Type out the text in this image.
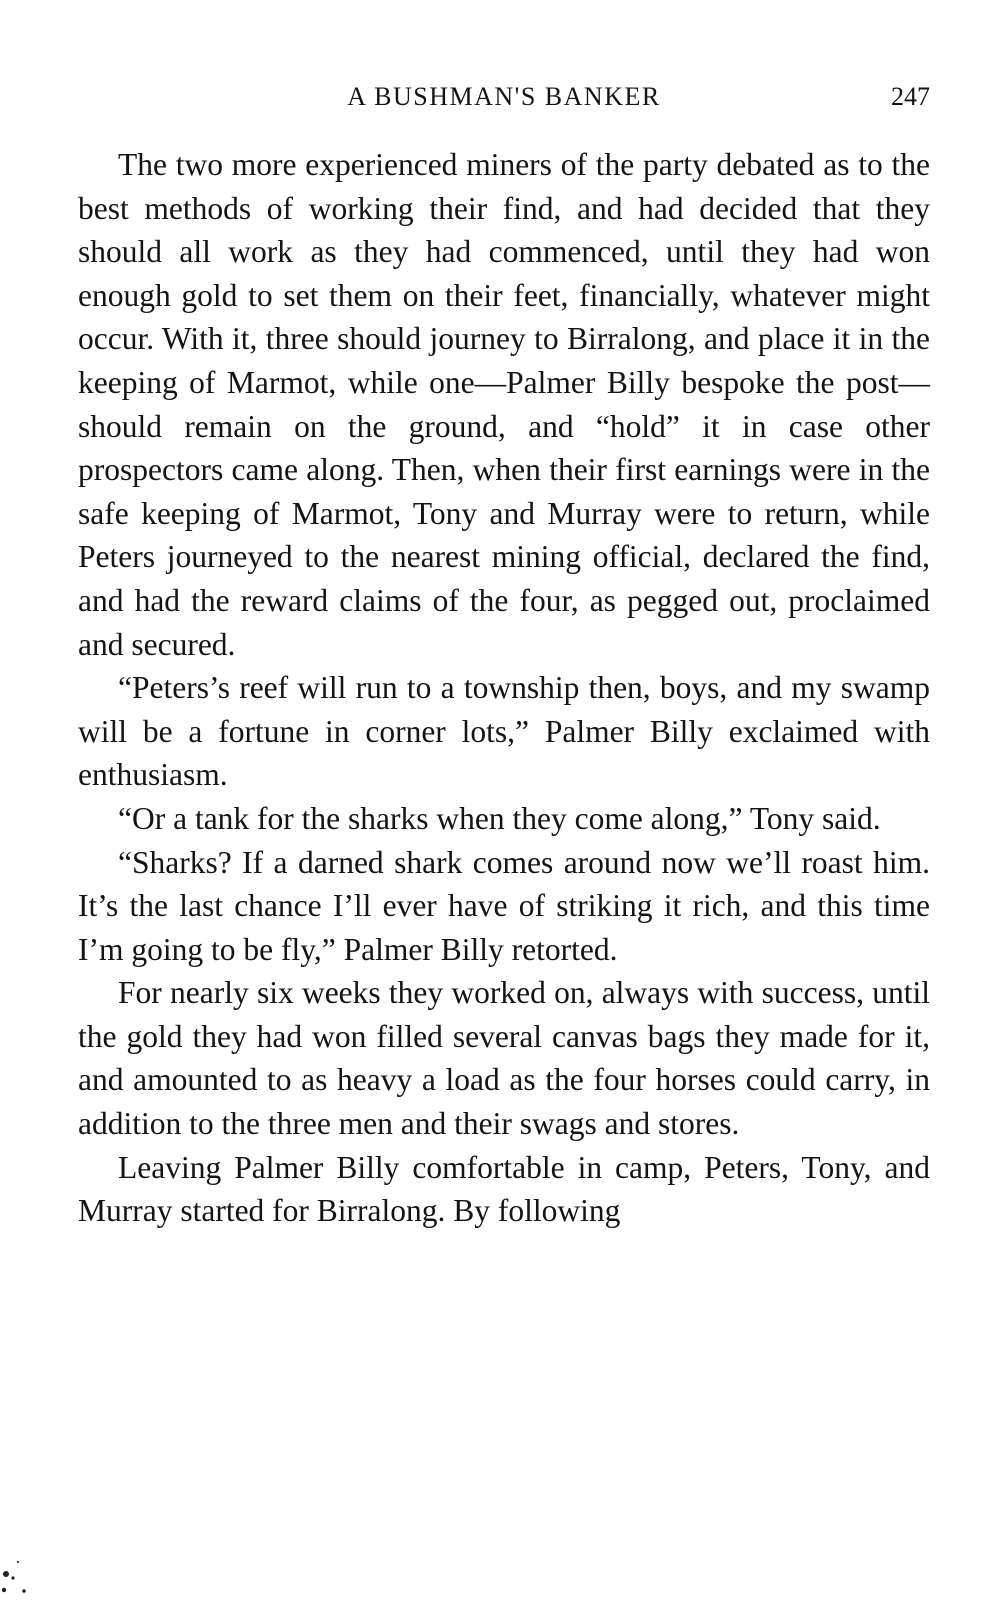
A BUSHMAN'S BANKER	247

The two more experienced miners of the party debated as to the best methods of working their find, and had decided that they should all work as they had commenced, until they had won enough gold to set them on their feet, financially, whatever might occur. With it, three should journey to Birralong, and place it in the keeping of Marmot, while one—Palmer Billy bespoke the post—should remain on the ground, and “hold” it in case other prospectors came along. Then, when their first earnings were in the safe keeping of Marmot, Tony and Murray were to return, while Peters journeyed to the nearest mining official, declared the find, and had the reward claims of the four, as pegged out, proclaimed and secured.

“Peters’s reef will run to a township then, boys, and my swamp will be a fortune in corner lots,” Palmer Billy exclaimed with enthusiasm.

“Or a tank for the sharks when they come along,” Tony said.

“Sharks? If a darned shark comes around now we’ll roast him. It’s the last chance I’ll ever have of striking it rich, and this time I’m going to be fly,” Palmer Billy retorted.

For nearly six weeks they worked on, always with success, until the gold they had won filled several canvas bags they made for it, and amounted to as heavy a load as the four horses could carry, in addition to the three men and their swags and stores.

Leaving Palmer Billy comfortable in camp, Peters, Tony, and Murray started for Birralong. By following
